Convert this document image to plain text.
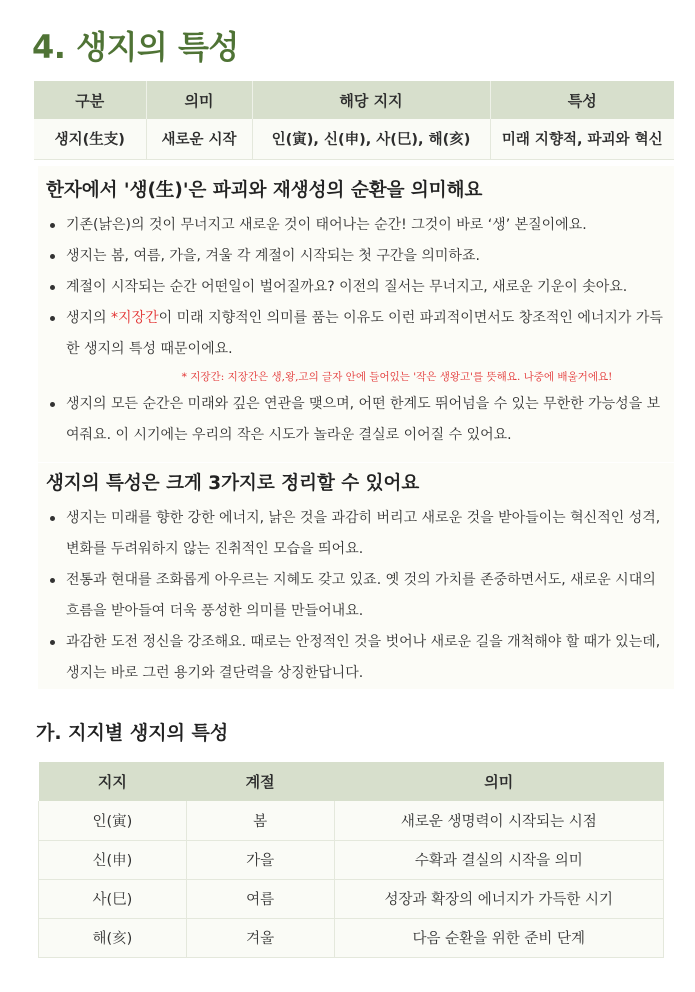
4. 생지의 특성
구분	의미	해당 지지	특성
생지(生支)	새로운 시작	인(寅), 신(申), 사(巳), 해(亥)	미래 지향적, 파괴와 혁신
한자에서 '생(生)'은 파괴와 재생성의 순환을 의미해요
기존(낡은)의 것이 무너지고 새로운 것이 태어나는 순간! 그것이 바로 ‘생’ 본질이에요.
생지는 봄, 여름, 가을, 겨울 각 계절이 시작되는 첫 구간을 의미하죠.
계절이 시작되는 순간 어떤일이 벌어질까요? 이전의 질서는 무너지고, 새로운 기운이 솟아요.
생지의 *지장간이 미래 지향적인 의미를 품는 이유도 이런 파괴적이면서도 창조적인 에너지가 가득한 생지의 특성 때문이에요.
* 지장간: 지장간은 생,왕,고의 글자 안에 들어있는 '작은 생왕고'를 뜻해요. 나중에 배울거에요!
생지의 모든 순간은 미래와 깊은 연관을 맺으며, 어떤 한계도 뛰어넘을 수 있는 무한한 가능성을 보여줘요. 이 시기에는 우리의 작은 시도가 놀라운 결실로 이어질 수 있어요.
생지의 특성은 크게 3가지로 정리할 수 있어요
생지는 미래를 향한 강한 에너지, 낡은 것을 과감히 버리고 새로운 것을 받아들이는 혁신적인 성격, 변화를 두려워하지 않는 진취적인 모습을 띄어요.
전통과 현대를 조화롭게 아우르는 지혜도 갖고 있죠. 옛 것의 가치를 존중하면서도, 새로운 시대의 흐름을 받아들여 더욱 풍성한 의미를 만들어내요.
과감한 도전 정신을 강조해요. 때로는 안정적인 것을 벗어나 새로운 길을 개척해야 할 때가 있는데, 생지는 바로 그런 용기와 결단력을 상징한답니다.
가. 지지별 생지의 특성
지지	계절	의미
인(寅)	봄	새로운 생명력이 시작되는 시점
신(申)	가을	수확과 결실의 시작을 의미
사(巳)	여름	성장과 확장의 에너지가 가득한 시기
해(亥)	겨울	다음 순환을 위한 준비 단계
